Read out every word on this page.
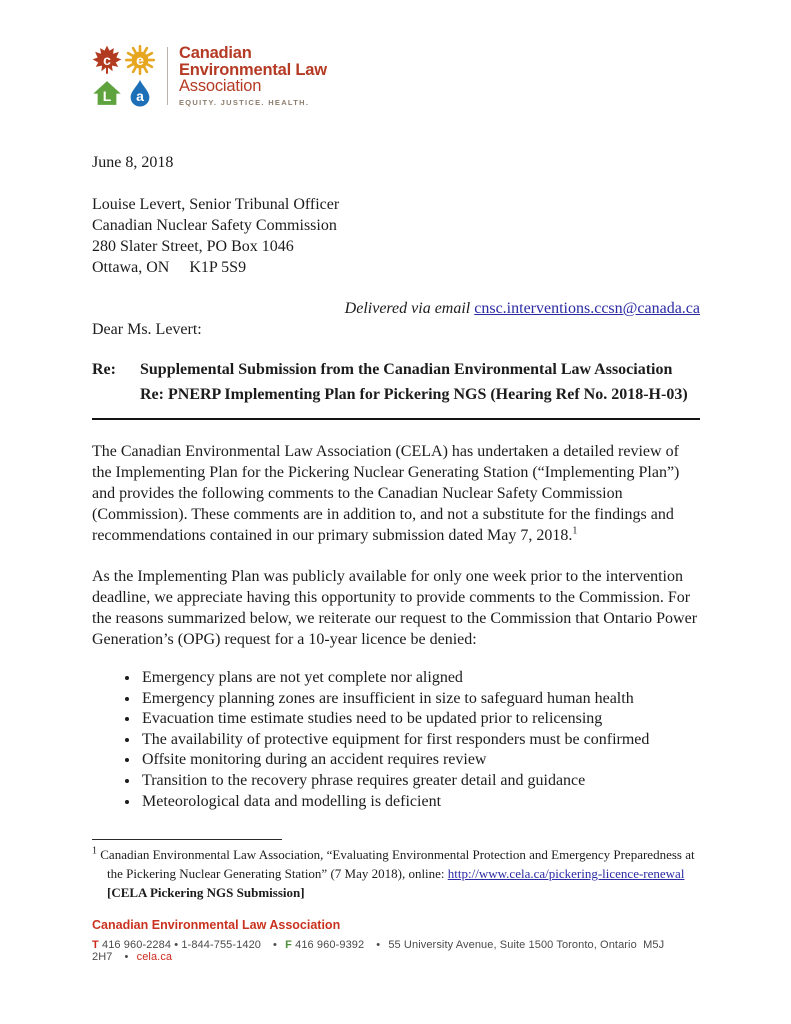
c	e
L	a
Canadian
Environmental Law
Association
EQUITY. JUSTICE. HEALTH.

June 8, 2018

Louise Levert, Senior Tribunal Officer
Canadian Nuclear Safety Commission
280 Slater Street, PO Box 1046
Ottawa, ON     K1P 5S9

Delivered via email cnsc.interventions.ccsn@canada.ca

Dear Ms. Levert:

Re:	Supplemental Submission from the Canadian Environmental Law Association Re: PNERP Implementing Plan for Pickering NGS (Hearing Ref No. 2018-H-03)

The Canadian Environmental Law Association (CELA) has undertaken a detailed review of the Implementing Plan for the Pickering Nuclear Generating Station (“Implementing Plan”) and provides the following comments to the Canadian Nuclear Safety Commission (Commission). These comments are in addition to, and not a substitute for the findings and recommendations contained in our primary submission dated May 7, 2018.$^1$

As the Implementing Plan was publicly available for only one week prior to the intervention deadline, we appreciate having this opportunity to provide comments to the Commission. For the reasons summarized below, we reiterate our request to the Commission that Ontario Power Generation’s (OPG) request for a 10-year licence be denied:

• Emergency plans are not yet complete nor aligned
• Emergency planning zones are insufficient in size to safeguard human health
• Evacuation time estimate studies need to be updated prior to relicensing
• The availability of protective equipment for first responders must be confirmed
• Offsite monitoring during an accident requires review
• Transition to the recovery phrase requires greater detail and guidance
• Meteorological data and modelling is deficient

$^1$ Canadian Environmental Law Association, “Evaluating Environmental Protection and Emergency Preparedness at the Pickering Nuclear Generating Station” (7 May 2018), online: http://www.cela.ca/pickering-licence-renewal [CELA Pickering NGS Submission]

Canadian Environmental Law Association
T 416 960-2284 • 1-844-755-1420 • F 416 960-9392 • 55 University Avenue, Suite 1500 Toronto, Ontario  M5J 2H7 • cela.ca
